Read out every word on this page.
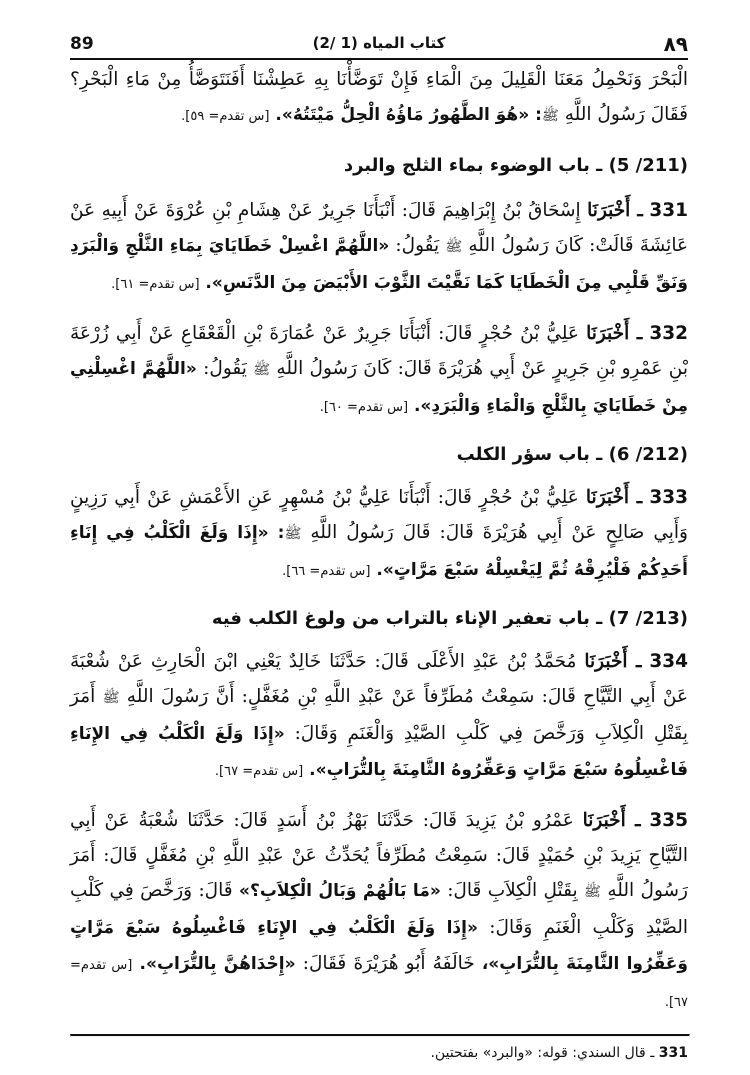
89	(2/ 1) كتاب المياه	٨٩

الْبَحْرَ وَنَحْمِلُ مَعَنَا الْقَلِيلَ مِنَ الْمَاءِ فَإِنْ تَوَضَّأْنَا بِهِ عَطِشْنَا أَفَنَتَوَضَّأُ مِنْ مَاءِ الْبَحْرِ؟ فَقَالَ رَسُولُ اللَّهِ ﷺ: «هُوَ الطَّهُورُ مَاؤُهُ الْحِلُّ مَيْتَتُهُ». [س تقدم= ٥٩].

(211/ 5) ـ باب الوضوء بماء الثلج والبرد

331 ـ أَخْبَرَنَا إِسْحَاقُ بْنُ إِبْرَاهِيمَ قَالَ: أَنْبَأَنَا جَرِيرٌ عَنْ هِشَامِ بْنِ عُرْوَةَ عَنْ أَبِيهِ عَنْ عَائِشَةَ قَالَتْ: كَانَ رَسُولُ اللَّهِ ﷺ يَقُولُ: «اللَّهُمَّ اغْسِلْ خَطَايَايَ بِمَاءِ الثَّلْجِ وَالْبَرَدِ وَنَقِّ قَلْبِي مِنَ الْخَطَايَا كَمَا نَقَّيْتَ الثَّوْبَ الأَبْيَضَ مِنَ الدَّنَسِ». [س تقدم= ٦١].

332 ـ أَخْبَرَنَا عَلِيُّ بْنُ حُجْرٍ قَالَ: أَنْبَأَنَا جَرِيرٌ عَنْ عُمَارَةَ بْنِ الْقَعْقَاعِ عَنْ أَبِي زُرْعَةَ بْنِ عَمْرِو بْنِ جَرِيرٍ عَنْ أَبِي هُرَيْرَةَ قَالَ: كَانَ رَسُولُ اللَّهِ ﷺ يَقُولُ: «اللَّهُمَّ اغْسِلْنِي مِنْ خَطَايَايَ بِالثَّلْجِ وَالْمَاءِ وَالْبَرَدِ». [س تقدم= ٦٠].

(212/ 6) ـ باب سؤر الكلب

333 ـ أَخْبَرَنَا عَلِيُّ بْنُ حُجْرٍ قَالَ: أَنْبَأَنَا عَلِيُّ بْنُ مُسْهِرٍ عَنِ الأَعْمَشِ عَنْ أَبِي رَزِينٍ وَأَبِي صَالِحٍ عَنْ أَبِي هُرَيْرَةَ قَالَ: قَالَ رَسُولُ اللَّهِ ﷺ: «إِذَا وَلَغَ الْكَلْبُ فِي إِنَاءِ أَحَدِكُمْ فَلْيُرِقْهُ ثُمَّ لِيَغْسِلْهُ سَبْعَ مَرَّاتٍ». [س تقدم= ٦٦].

(213/ 7) ـ باب تعفير الإناء بالتراب من ولوغ الكلب فيه

334 ـ أَخْبَرَنَا مُحَمَّدُ بْنُ عَبْدِ الأَعْلَى قَالَ: حَدَّثَنَا خَالِدٌ يَعْنِي ابْنَ الْحَارِثِ عَنْ شُعْبَةَ عَنْ أَبِي التَّيَّاحِ قَالَ: سَمِعْتُ مُطَرِّفاً عَنْ عَبْدِ اللَّهِ بْنِ مُغَفَّلٍ: أَنَّ رَسُولَ اللَّهِ ﷺ أَمَرَ بِقَتْلِ الْكِلاَبِ وَرَخَّصَ فِي كَلْبِ الصَّيْدِ وَالْغَنَمِ وَقَالَ: «إِذَا وَلَغَ الْكَلْبُ فِي الإِنَاءِ فَاغْسِلُوهُ سَبْعَ مَرَّاتٍ وَعَفِّرُوهُ الثَّامِنَةَ بِالتُّرَابِ». [س تقدم= ٦٧].

335 ـ أَخْبَرَنَا عَمْرُو بْنُ يَزِيدَ قَالَ: حَدَّثَنَا بَهْزُ بْنُ أَسَدٍ قَالَ: حَدَّثَنَا شُعْبَةُ عَنْ أَبِي التَّيَّاحِ يَزِيدَ بْنِ حُمَيْدٍ قَالَ: سَمِعْتُ مُطَرِّفاً يُحَدِّثُ عَنْ عَبْدِ اللَّهِ بْنِ مُغَفَّلٍ قَالَ: أَمَرَ رَسُولُ اللَّهِ ﷺ بِقَتْلِ الْكِلاَبِ قَالَ: «مَا بَالُهُمْ وَبَالُ الْكِلاَبِ؟» قَالَ: وَرَخَّصَ فِي كَلْبِ الصَّيْدِ وَكَلْبِ الْغَنَمِ وَقَالَ: «إِذَا وَلَغَ الْكَلْبُ فِي الإِنَاءِ فَاغْسِلُوهُ سَبْعَ مَرَّاتٍ وَعَفِّرُوا الثَّامِنَةَ بِالتُّرَابِ»، خَالَفَهُ أَبُو هُرَيْرَةَ فَقَالَ: «إِحْدَاهُنَّ بِالتُّرَابِ». [س تقدم= ٦٧].

331 ـ قال السندي: قوله: «والبرد» بفتحتين.
